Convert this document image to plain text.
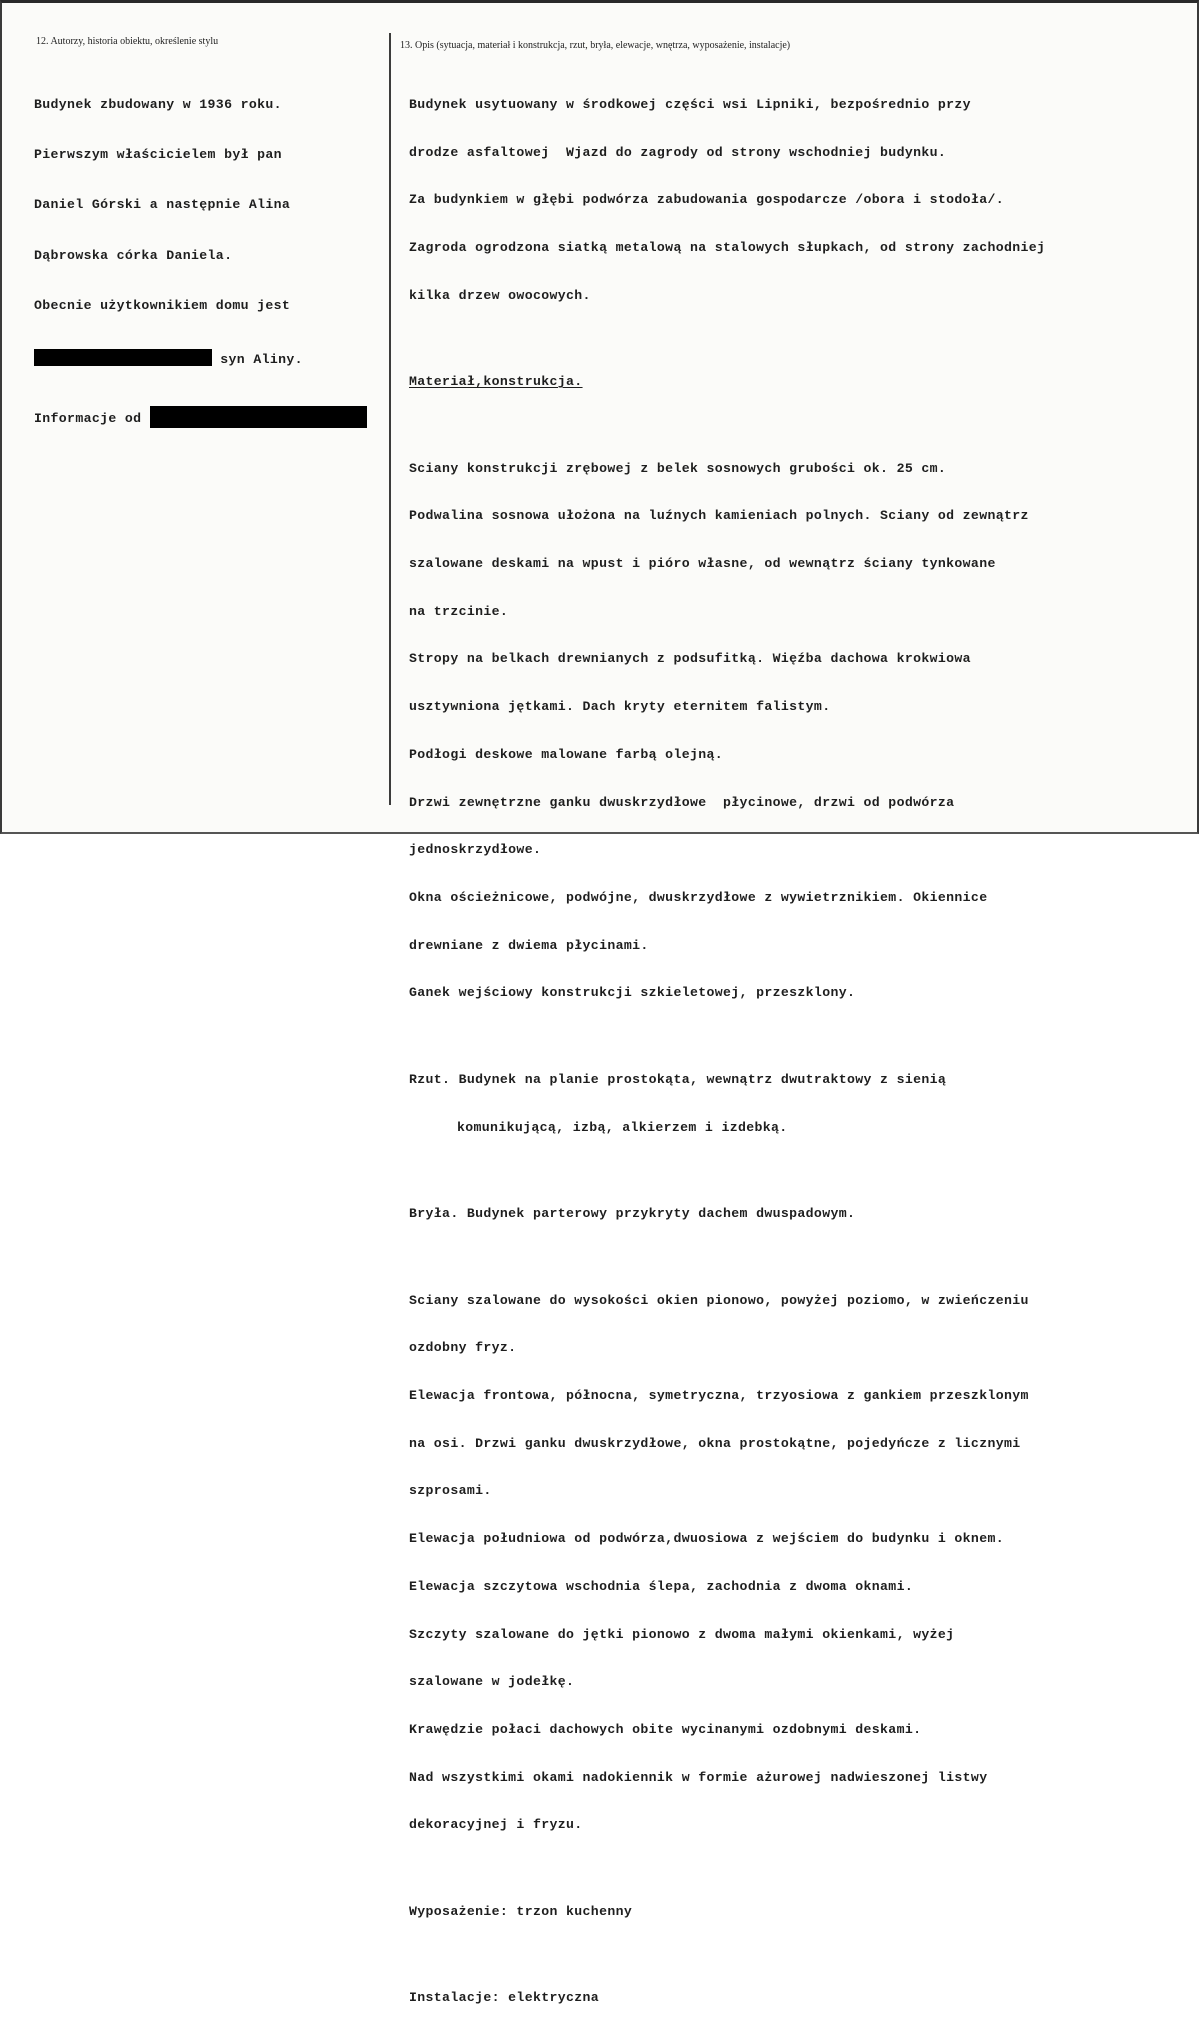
12. Autorzy, historia obiektu, określenie stylu	13. Opis (sytuacja, materiał i konstrukcja, rzut, bryła, elewacje, wnętrza, wyposażenie, instalacje)

Budynek zbudowany w 1936 roku.

Pierwszym właścicielem był pan

Daniel Górski a następnie Alina

Dąbrowska córka Daniela.

Obecnie użytkownikiem domu jest

syn Aliny.

Informacje od

Budynek usytuowany w środkowej części wsi Lipniki, bezpośrednio przy

drodze asfaltowej  Wjazd do zagrody od strony wschodniej budynku.

Za budynkiem w głębi podwórza zabudowania gospodarcze /obora i stodoła/.

Zagroda ogrodzona siatką metalową na stalowych słupkach, od strony zachodniej

kilka drzew owocowych.

Materiał,konstrukcja.

Sciany konstrukcji zrębowej z belek sosnowych grubości ok. 25 cm.

Podwalina sosnowa ułożona na luźnych kamieniach polnych. Sciany od zewnątrz

szalowane deskami na wpust i pióro własne, od wewnątrz ściany tynkowane

na trzcinie.

Stropy na belkach drewnianych z podsufitką. Więźba dachowa krokwiowa

usztywniona jętkami. Dach kryty eternitem falistym.

Podłogi deskowe malowane farbą olejną.

Drzwi zewnętrzne ganku dwuskrzydłowe  płycinowe, drzwi od podwórza

jednoskrzydłowe.

Okna ościeżnicowe, podwójne, dwuskrzydłowe z wywietrznikiem. Okiennice

drewniane z dwiema płycinami.

Ganek wejściowy konstrukcji szkieletowej, przeszklony.

Rzut. Budynek na planie prostokąta, wewnątrz dwutraktowy z sienią

komunikującą, izbą, alkierzem i izdebką.

Bryła. Budynek parterowy przykryty dachem dwuspadowym.

Sciany szalowane do wysokości okien pionowo, powyżej poziomo, w zwieńczeniu

ozdobny fryz.

Elewacja frontowa, północna, symetryczna, trzyosiowa z gankiem przeszklonym

na osi. Drzwi ganku dwuskrzydłowe, okna prostokątne, pojedyńcze z licznymi

szprosami.

Elewacja południowa od podwórza,dwuosiowa z wejściem do budynku i oknem.

Elewacja szczytowa wschodnia ślepa, zachodnia z dwoma oknami.

Szczyty szalowane do jętki pionowo z dwoma małymi okienkami, wyżej

szalowane w jodełkę.

Krawędzie połaci dachowych obite wycinanymi ozdobnymi deskami.

Nad wszystkimi okami nadokiennik w formie ażurowej nadwieszonej listwy

dekoracyjnej i fryzu.

Wyposażenie: trzon kuchenny

Instalacje: elektryczna
